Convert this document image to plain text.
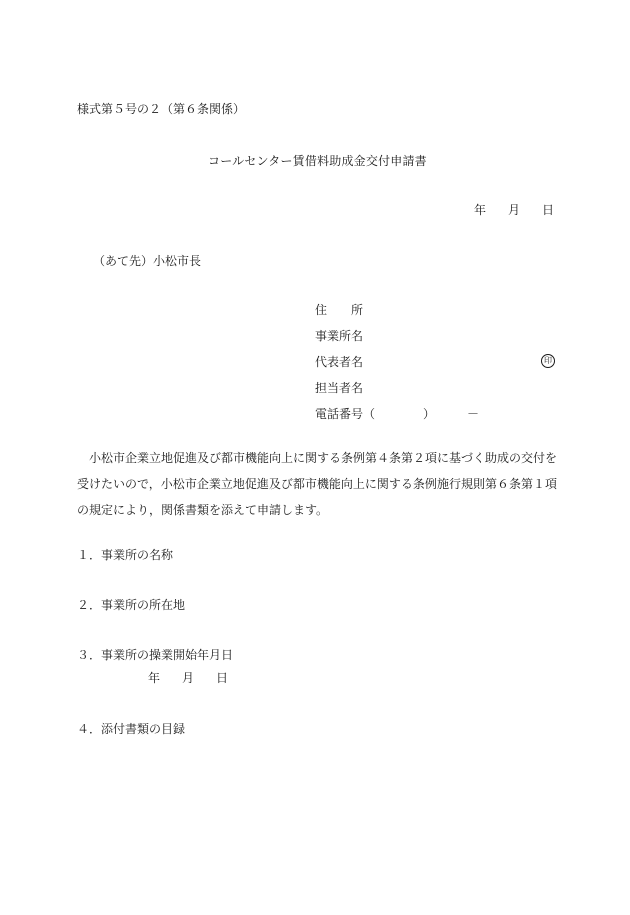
様式第５号の２（第６条関係）
コールセンター賃借料助成金交付申請書
年 月 日
（あて先）小松市長
住　　所
事業所名
代表者名	印
担当者名
電話番号（	）	－
小松市企業立地促進及び都市機能向上に関する条例第４条第２項に基づく助成の交付を受けたいので，小松市企業立地促進及び都市機能向上に関する条例施行規則第６条第１項の規定により，関係書類を添えて申請します。
１．事業所の名称
２．事業所の所在地
３．事業所の操業開始年月日
年 月 日
４．添付書類の目録
